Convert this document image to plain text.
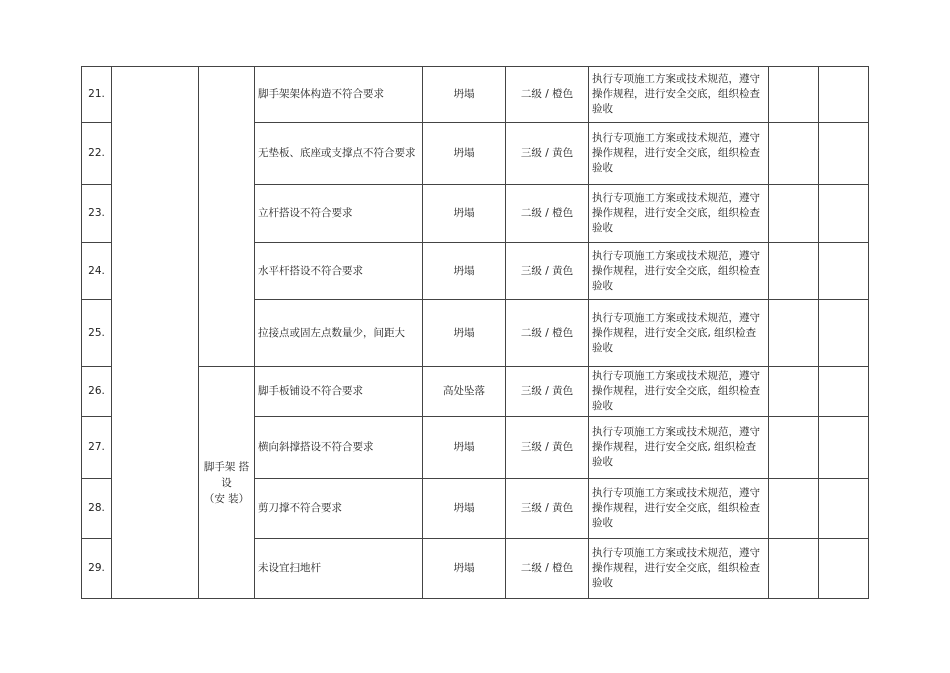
21.			脚手架架体构造不符合要求	坍塌	二级 / 橙色	执行专项施工方案或技术规范，遵守操作规程，进行安全交底，组织检查验收		
22.			无垫板、底座或支撑点不符合要求	坍塌	三级 / 黄色	执行专项施工方案或技术规范，遵守操作规程，进行安全交底，组织检查验收		
23.			立杆搭设不符合要求	坍塌	二级 / 橙色	执行专项施工方案或技术规范，遵守操作规程，进行安全交底，组织检查验收		
24.			水平杆搭设不符合要求	坍塌	三级 / 黄色	执行专项施工方案或技术规范，遵守操作规程，进行安全交底，组织检查验收		
25.			拉接点或固左点数量少，间距大	坍塌	二级 / 橙色	执行专项施工方案或技术规范，遵守操作规程，进行安全交底, 组织检查验收		
26.		脚手架 搭设
（安 装）	脚手板铺设不符合要求	高处坠落	三级 / 黄色	执行专项施工方案或技术规范，遵守操作规程，进行安全交底，组织检查验收		
27.			横向斜撑搭设不符合要求	坍塌	三级 / 黄色	执行专项施工方案或技术规范，遵守操作规程，进行安全交底, 组织检查验收		
28.			剪刀撑不符合要求	坍塌	三级 / 黄色	执行专项施工方案或技术规范，遵守操作规程，进行安全交底，组织检查验收		
29.			未设宜扫地杆	坍塌	二级 / 橙色	执行专项施工方案或技术规范，遵守操作规程，进行安全交底，组织检查验收		
